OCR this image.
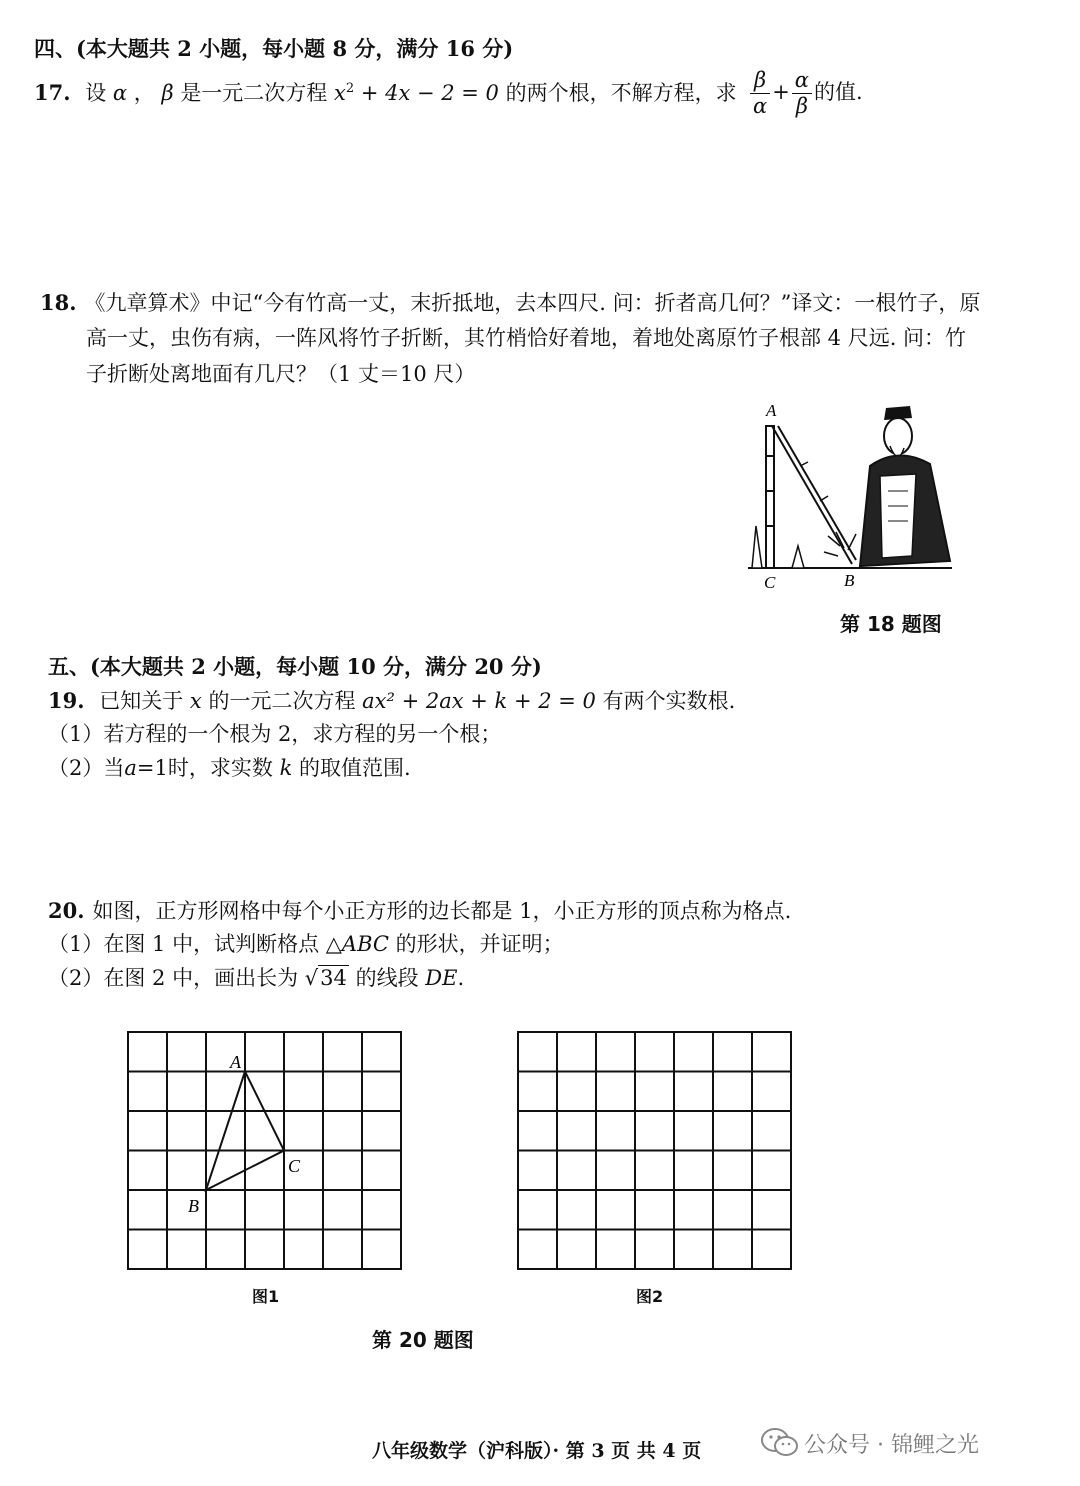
四、(本大题共 2 小题，每小题 8 分，满分 16 分)
17. 设 α ， β 是一元二次方程 $x^2 + 4x - 2 = 0$ 的两个根，不解方程，求 $\frac{\beta}{\alpha} + \frac{\alpha}{\beta}$ 的值.
18. 《九章算术》中记“今有竹高一丈，末折抵地，去本四尺. 问：折者高几何？”译文：一根竹子，原
高一丈，虫伤有病，一阵风将竹子折断，其竹梢恰好着地，着地处离原竹子根部 4 尺远. 问：竹
子折断处离地面有几尺？（1 丈＝10 尺）
A
C	B
第 18 题图
五、(本大题共 2 小题，每小题 10 分，满分 20 分)
19. 已知关于 x 的一元二次方程 ax² + 2ax + k + 2 = 0 有两个实数根.
（1）若方程的一个根为 2，求方程的另一个根；
（2）当a=1时，求实数 k 的取值范围.
20. 如图，正方形网格中每个小正方形的边长都是 1，小正方形的顶点称为格点.
（1）在图 1 中，试判断格点 △ABC 的形状，并证明；
（2）在图 2 中，画出长为 √34 的线段 DE.
A
B
C
图1	图2
第 20 题图
八年级数学（沪科版）· 第 3 页 共 4 页	公众号 · 锦鲤之光
